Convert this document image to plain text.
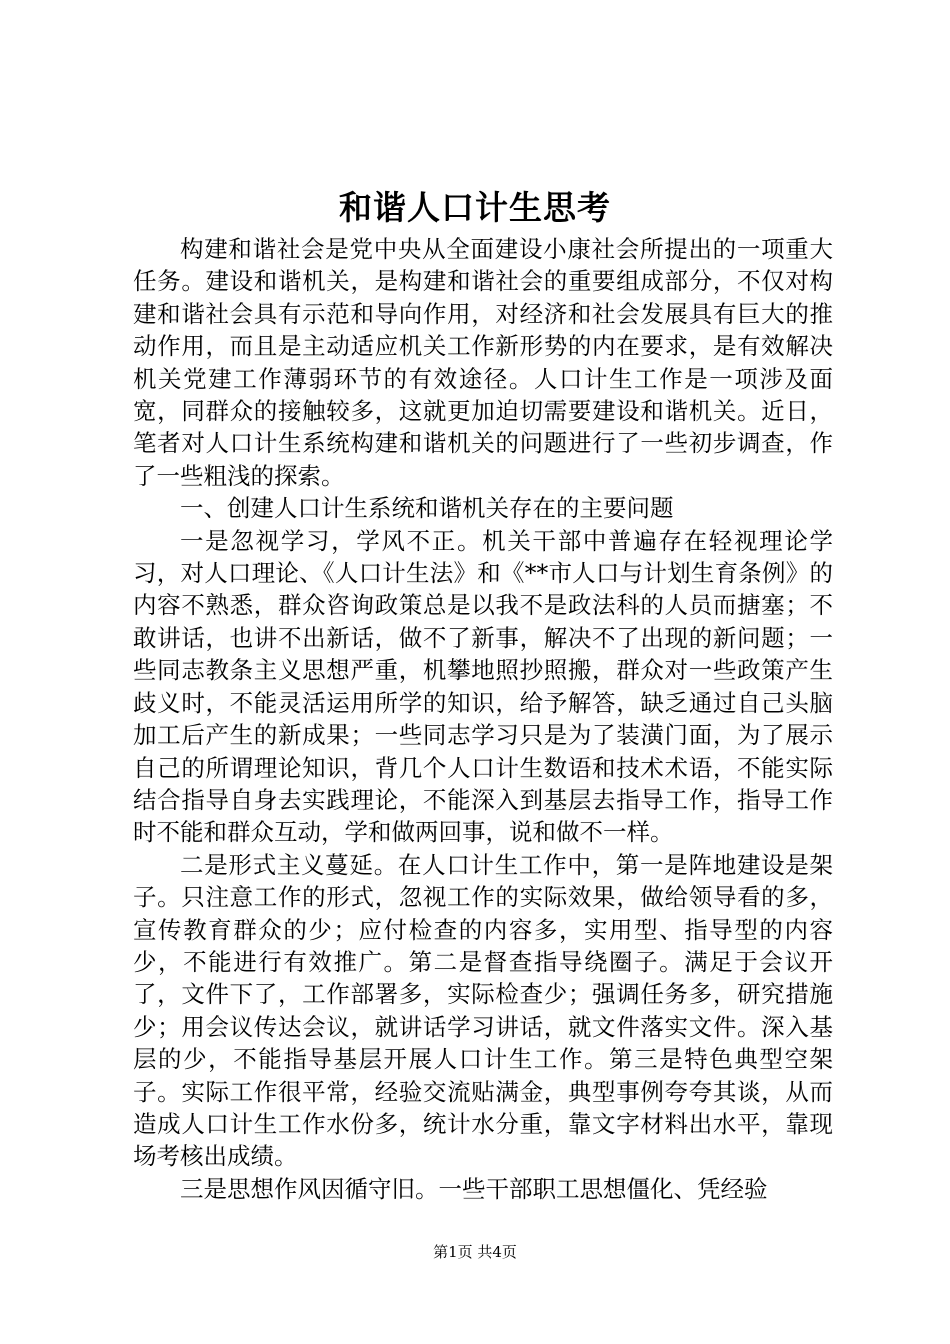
和谐人口计生思考

构建和谐社会是党中央从全面建设小康社会所提出的一项重大任务。建设和谐机关，是构建和谐社会的重要组成部分，不仅对构建和谐社会具有示范和导向作用，对经济和社会发展具有巨大的推动作用，而且是主动适应机关工作新形势的内在要求，是有效解决机关党建工作薄弱环节的有效途径。人口计生工作是一项涉及面宽，同群众的接触较多，这就更加迫切需要建设和谐机关。近日，笔者对人口计生系统构建和谐机关的问题进行了一些初步调查，作了一些粗浅的探索。

一、创建人口计生系统和谐机关存在的主要问题

一是忽视学习，学风不正。机关干部中普遍存在轻视理论学习，对人口理论、《人口计生法》和《**市人口与计划生育条例》的内容不熟悉，群众咨询政策总是以我不是政法科的人员而搪塞；不敢讲话，也讲不出新话，做不了新事，解决不了出现的新问题；一些同志教条主义思想严重，机攀地照抄照搬，群众对一些政策产生歧义时，不能灵活运用所学的知识，给予解答，缺乏通过自己头脑加工后产生的新成果；一些同志学习只是为了装潢门面，为了展示自己的所谓理论知识，背几个人口计生数语和技术术语，不能实际结合指导自身去实践理论，不能深入到基层去指导工作，指导工作时不能和群众互动，学和做两回事，说和做不一样。

二是形式主义蔓延。在人口计生工作中，第一是阵地建设是架子。只注意工作的形式，忽视工作的实际效果，做给领导看的多，宣传教育群众的少；应付检查的内容多，实用型、指导型的内容少，不能进行有效推广。第二是督查指导绕圈子。满足于会议开了，文件下了，工作部署多，实际检查少；强调任务多，研究措施少；用会议传达会议，就讲话学习讲话，就文件落实文件。深入基层的少，不能指导基层开展人口计生工作。第三是特色典型空架子。实际工作很平常，经验交流贴满金，典型事例夸夸其谈，从而造成人口计生工作水份多，统计水分重，靠文字材料出水平，靠现场考核出成绩。

三是思想作风因循守旧。一些干部职工思想僵化、凭经验

第1页 共4页
